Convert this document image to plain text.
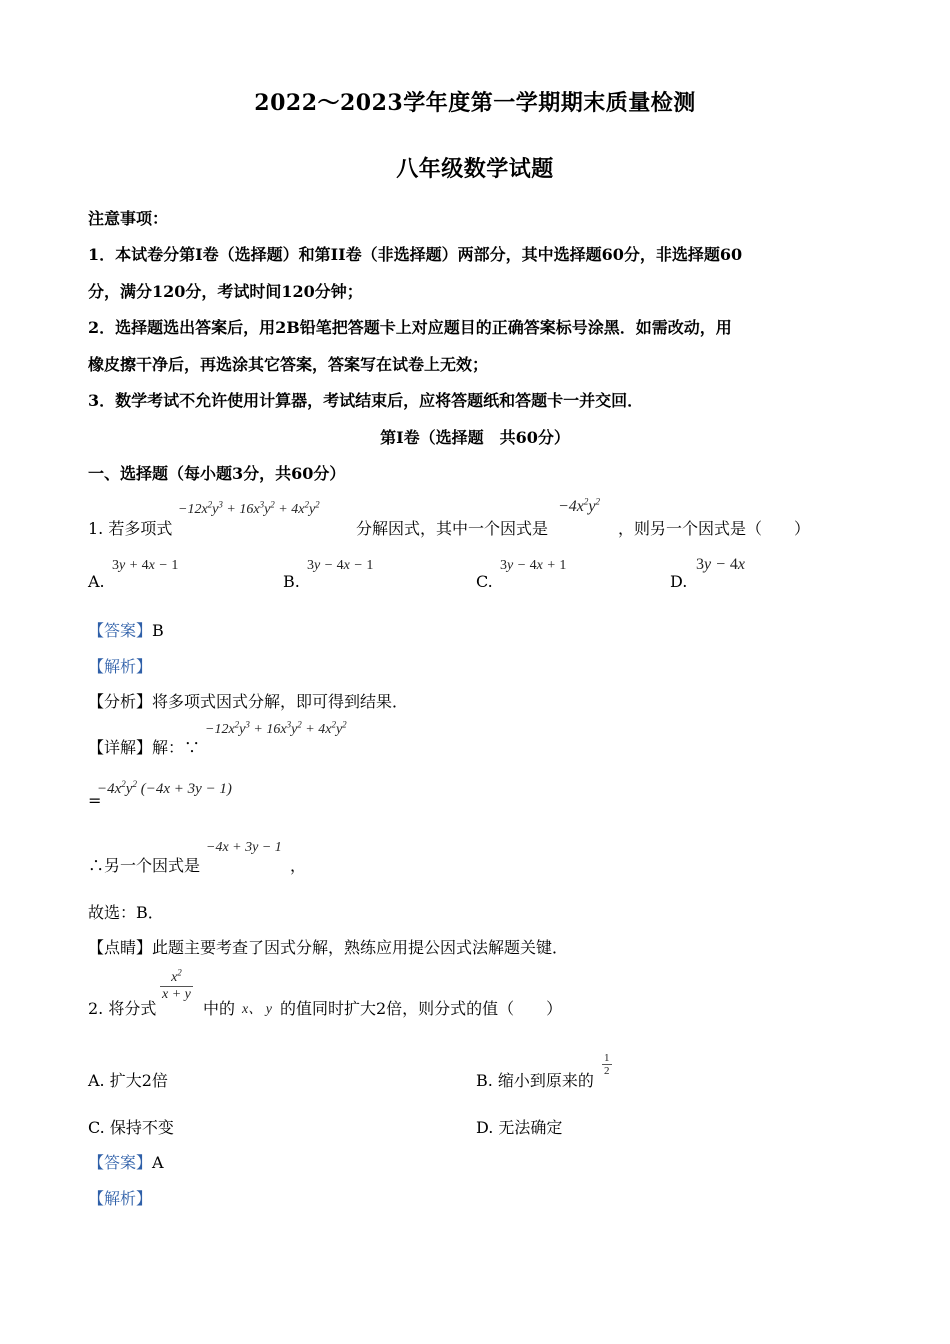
2022～2023学年度第一学期期末质量检测
八年级数学试题
注意事项：
1．本试卷分第I卷（选择题）和第II卷（非选择题）两部分，其中选择题60分，非选择题60
分，满分120分，考试时间120分钟；
2．选择题选出答案后，用2B铅笔把答题卡上对应题目的正确答案标号涂黑．如需改动，用
橡皮擦干净后，再选涂其它答案，答案写在试卷上无效；
3．数学考试不允许使用计算器，考试结束后，应将答题纸和答题卡一并交回．
第I卷（选择题　共60分）
一、选择题（每小题3分，共60分）
1. 若多项式
$-12x^2y^3 + 16x^3y^2 + 4x^2y^2$
分解因式，其中一个因式是
$-4x^2y^2$
，则另一个因式是（　　）
A.
3y + 4x − 1
B.
3y − 4x − 1
C.
3y − 4x + 1
D.
3y − 4x
【答案】B
【解析】
【分析】将多项式因式分解，即可得到结果．
【详解】解：∵
$-12x^2y^3 + 16x^3y^2 + 4x^2y^2$
=
$-4x^2y^2$ (−4x + 3y − 1)
∴另一个因式是
−4x + 3y − 1
，
故选：B．
【点睛】此题主要考查了因式分解，熟练应用提公因式法解题关键．
2. 将分式
$\frac{x^2}{x + y}$
中的 x、 y 的值同时扩大2倍，则分式的值（　　）
A. 扩大2倍	B. 缩小到原来的
$\frac{1}{2}$
C. 保持不变	D. 无法确定
【答案】A
【解析】
